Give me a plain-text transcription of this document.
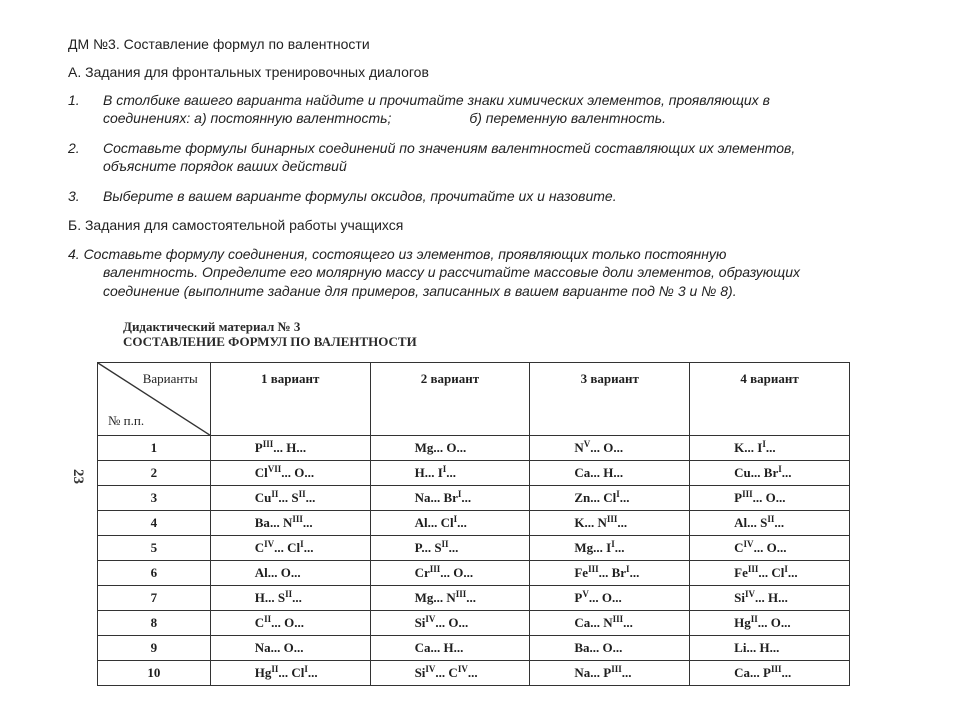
ДМ №3. Составление формул по валентности
А. Задания для фронтальных тренировочных диалогов
1. В столбике вашего варианта найдите и прочитайте знаки химических элементов, проявляющих в
соединениях: а) постоянную валентность;	б) переменную валентность.
2. Составьте формулы бинарных соединений по значениям валентностей составляющих их элементов,
объясните порядок ваших действий
3. Выберите в вашем варианте формулы оксидов, прочитайте их и назовите.
Б. Задания для самостоятельной работы учащихся
4. Составьте формулу соединения, состоящего из элементов, проявляющих только постоянную
валентность. Определите его молярную массу и рассчитайте массовые доли элементов, образующих
соединение (выполните задание для примеров, записанных в вашем варианте под № 3 и № 8).
Дидактический материал № 3
СОСТАВЛЕНИЕ ФОРМУЛ ПО ВАЛЕНТНОСТИ
23
Варианты
№ п.п.	1 вариант	2 вариант	3 вариант	4 вариант
1	$P^{III}$... H...	Mg... O...	$N^V$... O...	K... $I^I$...
2	$Cl^{VII}$... O...	H... $I^I$...	Ca... H...	Cu... $Br^I$...
3	$Cu^{II}$... $S^{II}$...	Na... $Br^I$...	Zn... $Cl^I$...	$P^{III}$... O...
4	Ba... $N^{III}$...	Al... $Cl^I$...	K... $N^{III}$...	Al... $S^{II}$...
5	$C^{IV}$... $Cl^I$...	P... $S^{II}$...	Mg... $I^I$...	$C^{IV}$... O...
6	Al... O...	$Cr^{III}$... O...	$Fe^{III}$... $Br^I$...	$Fe^{III}$... $Cl^I$...
7	H... $S^{II}$...	Mg... $N^{III}$...	$P^V$... O...	$Si^{IV}$... H...
8	$C^{II}$... O...	$Si^{IV}$... O...	Ca... $N^{III}$...	$Hg^{II}$... O...
9	Na... O...	Ca... H...	Ba... O...	Li... H...
10	$Hg^{II}$... $Cl^I$...	$Si^{IV}$... $C^{IV}$...	Na... $P^{III}$...	Ca... $P^{III}$...
